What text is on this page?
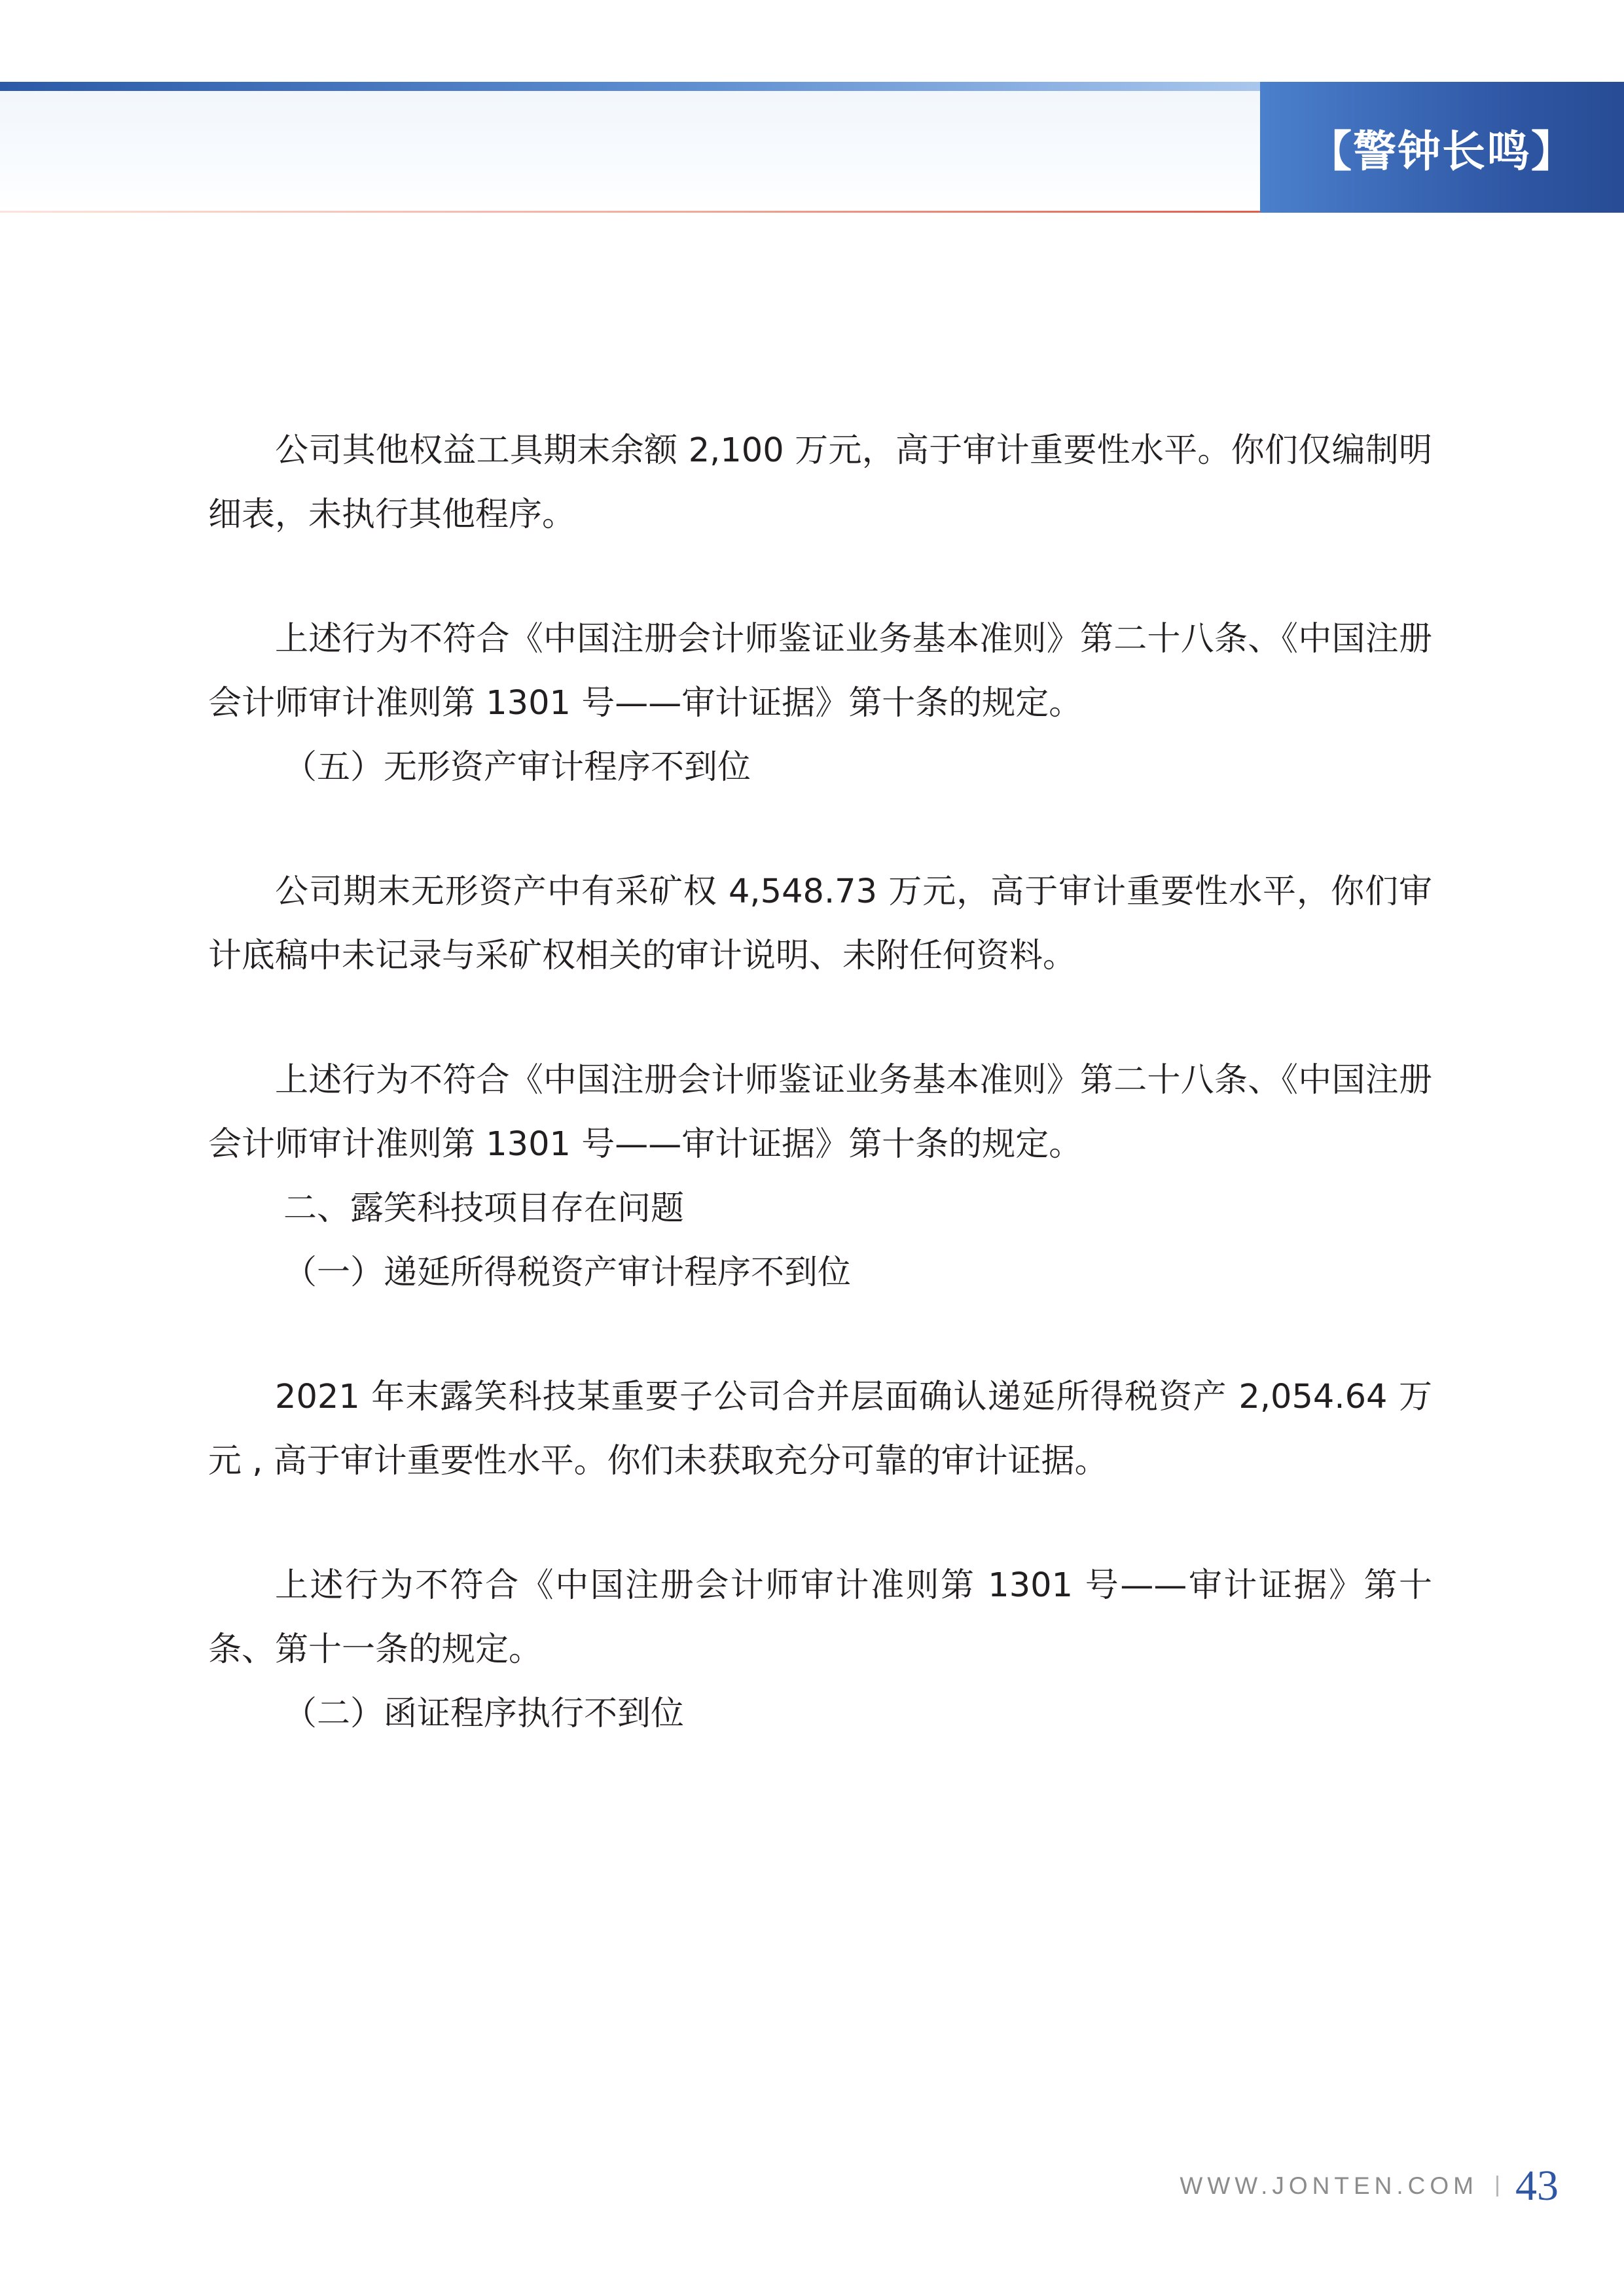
【警钟长鸣】

公司其他权益工具期末余额 2,100 万元，高于审计重要性水平。你们仅编制明细表，未执行其他程序。

上述行为不符合《中国注册会计师鉴证业务基本准则》第二十八条、《中国注册会计师审计准则第 1301 号——审计证据》第十条的规定。

（五）无形资产审计程序不到位

公司期末无形资产中有采矿权 4,548.73 万元，高于审计重要性水平，你们审计底稿中未记录与采矿权相关的审计说明、未附任何资料。

上述行为不符合《中国注册会计师鉴证业务基本准则》第二十八条、《中国注册会计师审计准则第 1301 号——审计证据》第十条的规定。

二、露笑科技项目存在问题

（一）递延所得税资产审计程序不到位

2021 年末露笑科技某重要子公司合并层面确认递延所得税资产 2,054.64 万元 , 高于审计重要性水平。你们未获取充分可靠的审计证据。

上述行为不符合《中国注册会计师审计准则第 1301 号——审计证据》第十条、第十一条的规定。

（二）函证程序执行不到位

WWW.JONTEN.COM 43
